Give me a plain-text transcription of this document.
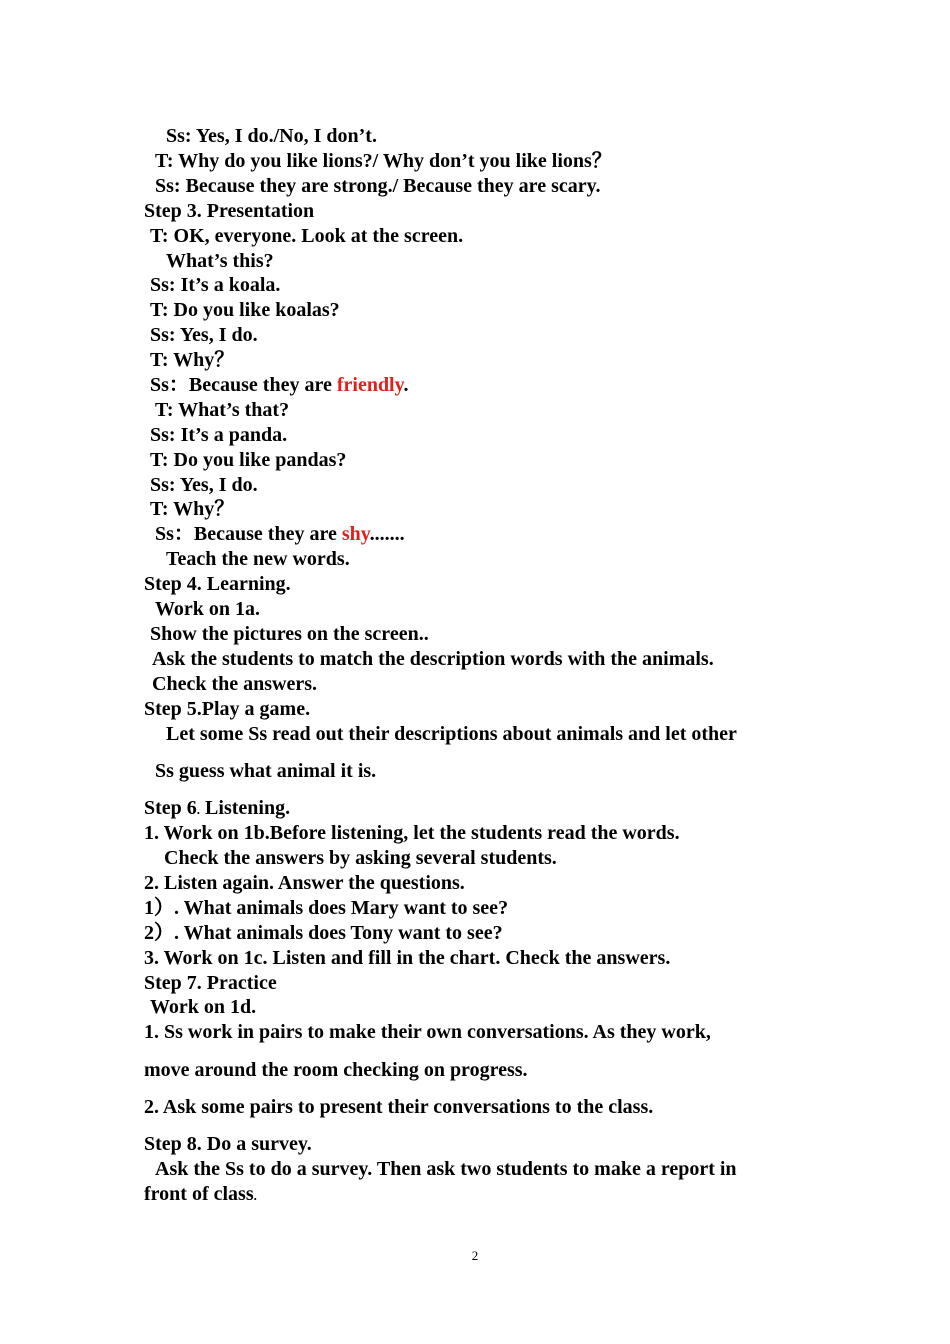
Ss: Yes, I do./No, I don’t.
T: Why do you like lions?/ Why don’t you like lions？
Ss: Because they are strong./ Because they are scary.
Step 3. Presentation
T: OK, everyone. Look at the screen.
What’s this?
Ss: It’s a koala.
T: Do you like koalas?
Ss: Yes, I do.
T: Why？
Ss：Because they are friendly.
T: What’s that?
Ss: It’s a panda.
T: Do you like pandas?
Ss: Yes, I do.
T: Why？
Ss：Because they are shy.......
Teach the new words.
Step 4. Learning.
Work on 1a.
Show the pictures on the screen..
Ask the students to match the description words with the animals.
Check the answers.
Step 5.Play a game.
Let some Ss read out their descriptions about animals and let other
Ss guess what animal it is.
Step 6. Listening.
1. Work on 1b.Before listening, let the students read the words.
Check the answers by asking several students.
2. Listen again. Answer the questions.
1）. What animals does Mary want to see?
2）. What animals does Tony want to see?
3. Work on 1c. Listen and fill in the chart. Check the answers.
Step 7. Practice
Work on 1d.
1. Ss work in pairs to make their own conversations. As they work,
move around the room checking on progress.
2. Ask some pairs to present their conversations to the class.
Step 8. Do a survey.
Ask the Ss to do a survey. Then ask two students to make a report in
front of class.
2
